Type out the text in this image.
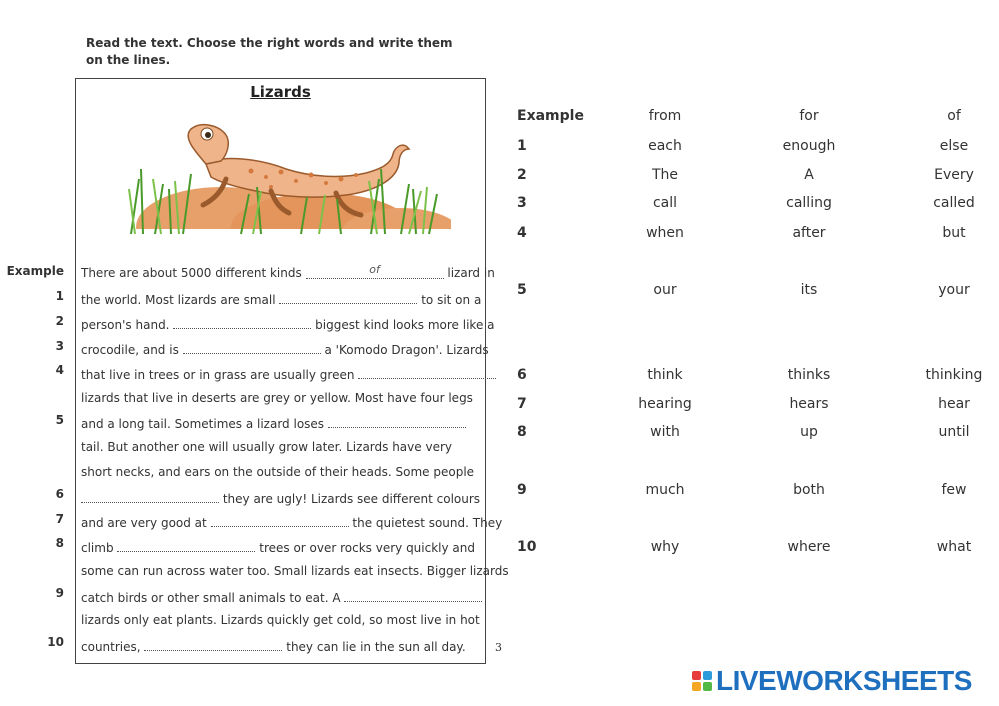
Read the text. Choose the right words and write them on the lines.
Lizards
Example
1
2
3
4
5
6
7
8
9
10
There are about 5000 different kinds	of	lizard in
the world. Most lizards are small	to sit on a
person's hand.	biggest kind looks more like a
crocodile, and is	a 'Komodo Dragon'. Lizards
that live in trees or in grass are usually green
lizards that live in deserts are grey or yellow. Most have four legs
and a long tail. Sometimes a lizard loses
tail. But another one will usually grow later. Lizards have very
short necks, and ears on the outside of their heads. Some people
they are ugly! Lizards see different colours
and are very good at	the quietest sound. They
climb	trees or over rocks very quickly and
some can run across water too. Small lizards eat insects. Bigger lizards
catch birds or other small animals to eat. A
lizards only eat plants. Lizards quickly get cold, so most live in hot
countries,	they can lie in the sun all day.	3
Example	from	for	of
1	each	enough	else
2	The	A	Every
3	call	calling	called
4	when	after	but
5	our	its	your
6	think	thinks	thinking
7	hearing	hears	hear
8	with	up	until
9	much	both	few
10	why	where	what
LIVEWORKSHEETS
